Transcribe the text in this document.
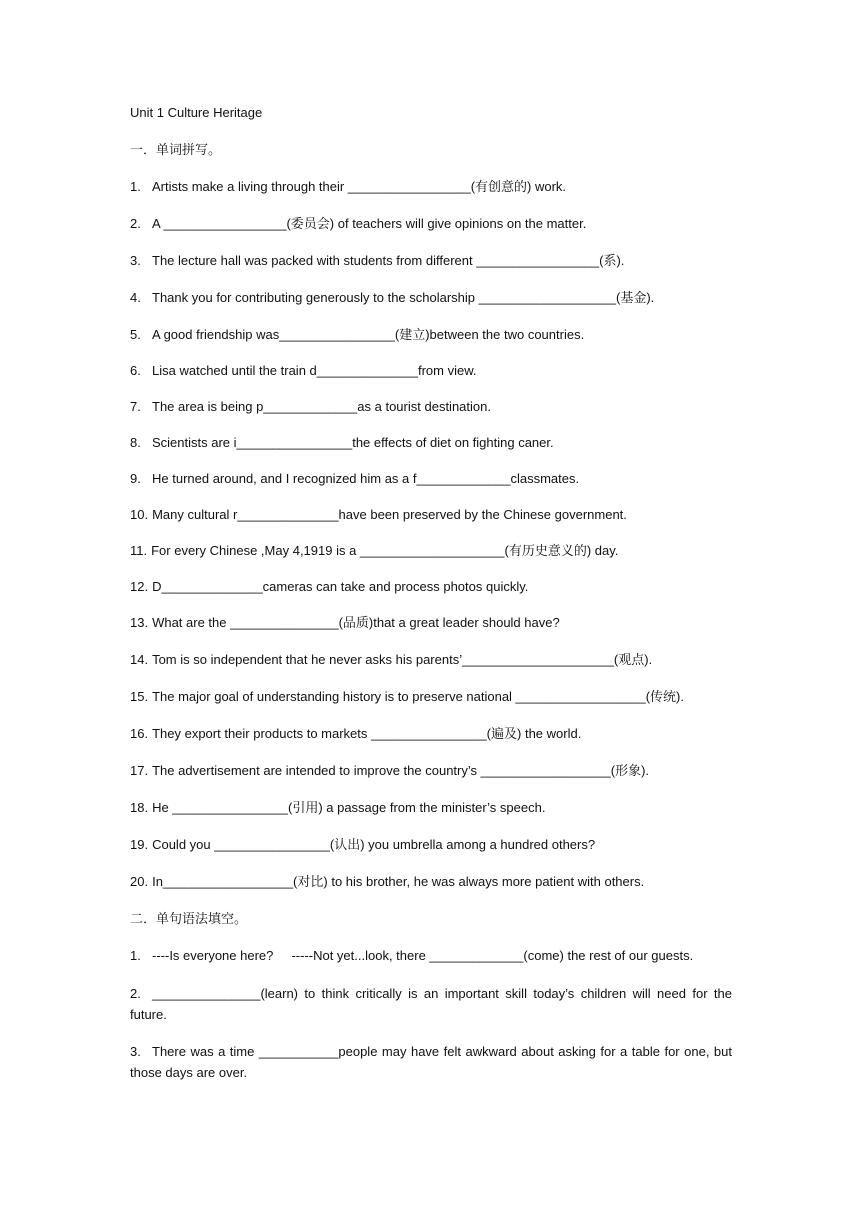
Unit 1 Culture Heritage
一．单词拼写。
1. Artists make a living through their _________________(有创意的) work.
2. A _________________(委员会) of teachers will give opinions on the matter.
3. The lecture hall was packed with students from different _________________(系).
4. Thank you for contributing generously to the scholarship ___________________(基金).
5. A good friendship was________________(建立)between the two countries.
6. Lisa watched until the train d______________from view.
7. The area is being p_____________as a tourist destination.
8. Scientists are i________________the effects of diet on fighting caner.
9. He turned around, and I recognized him as a f_____________classmates.
10. Many cultural r______________have been preserved by the Chinese government.
11. For every Chinese ,May 4,1919 is a ____________________(有历史意义的) day.
12. D______________cameras can take and process photos quickly.
13. What are the _______________(品质)that a great leader should have?
14. Tom is so independent that he never asks his parents’_____________________(观点).
15. The major goal of understanding history is to preserve national __________________(传统).
16. They export their products to markets ________________(遍及) the world.
17. The advertisement are intended to improve the country’s __________________(形象).
18. He ________________(引用) a passage from the minister’s speech.
19. Could you ________________(认出) you umbrella among a hundred others?
20. In__________________(对比) to his brother, he was always more patient with others.
二．单句语法填空。
1. ----Is everyone here?     -----Not yet...look, there _____________(come) the rest of our guests.
2. _______________(learn) to think critically is an important skill today’s children will need for the future.
3. There was a time ___________people may have felt awkward about asking for a table for one, but those days are over.
